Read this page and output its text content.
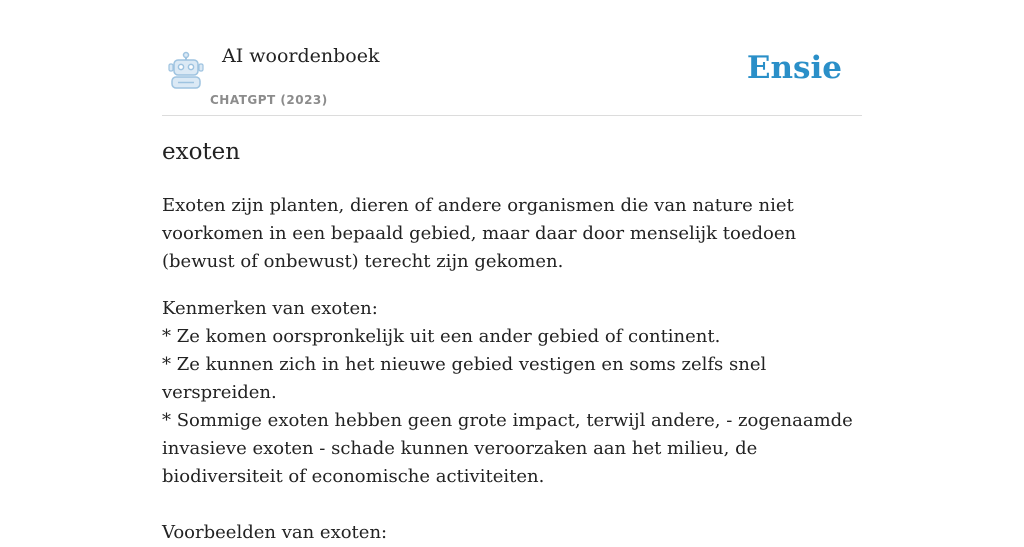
AI woordenboek
CHATGPT (2023)
Ensie
exoten

Exoten zijn planten, dieren of andere organismen die van nature niet voorkomen in een bepaald gebied, maar daar door menselijk toedoen (bewust of onbewust) terecht zijn gekomen.

Kenmerken van exoten:
* Ze komen oorspronkelijk uit een ander gebied of continent.
* Ze kunnen zich in het nieuwe gebied vestigen en soms zelfs snel verspreiden.
* Sommige exoten hebben geen grote impact, terwijl andere, - zogenaamde invasieve exoten - schade kunnen veroorzaken aan het milieu, de biodiversiteit of economische activiteiten.
Voorbeelden van exoten:
